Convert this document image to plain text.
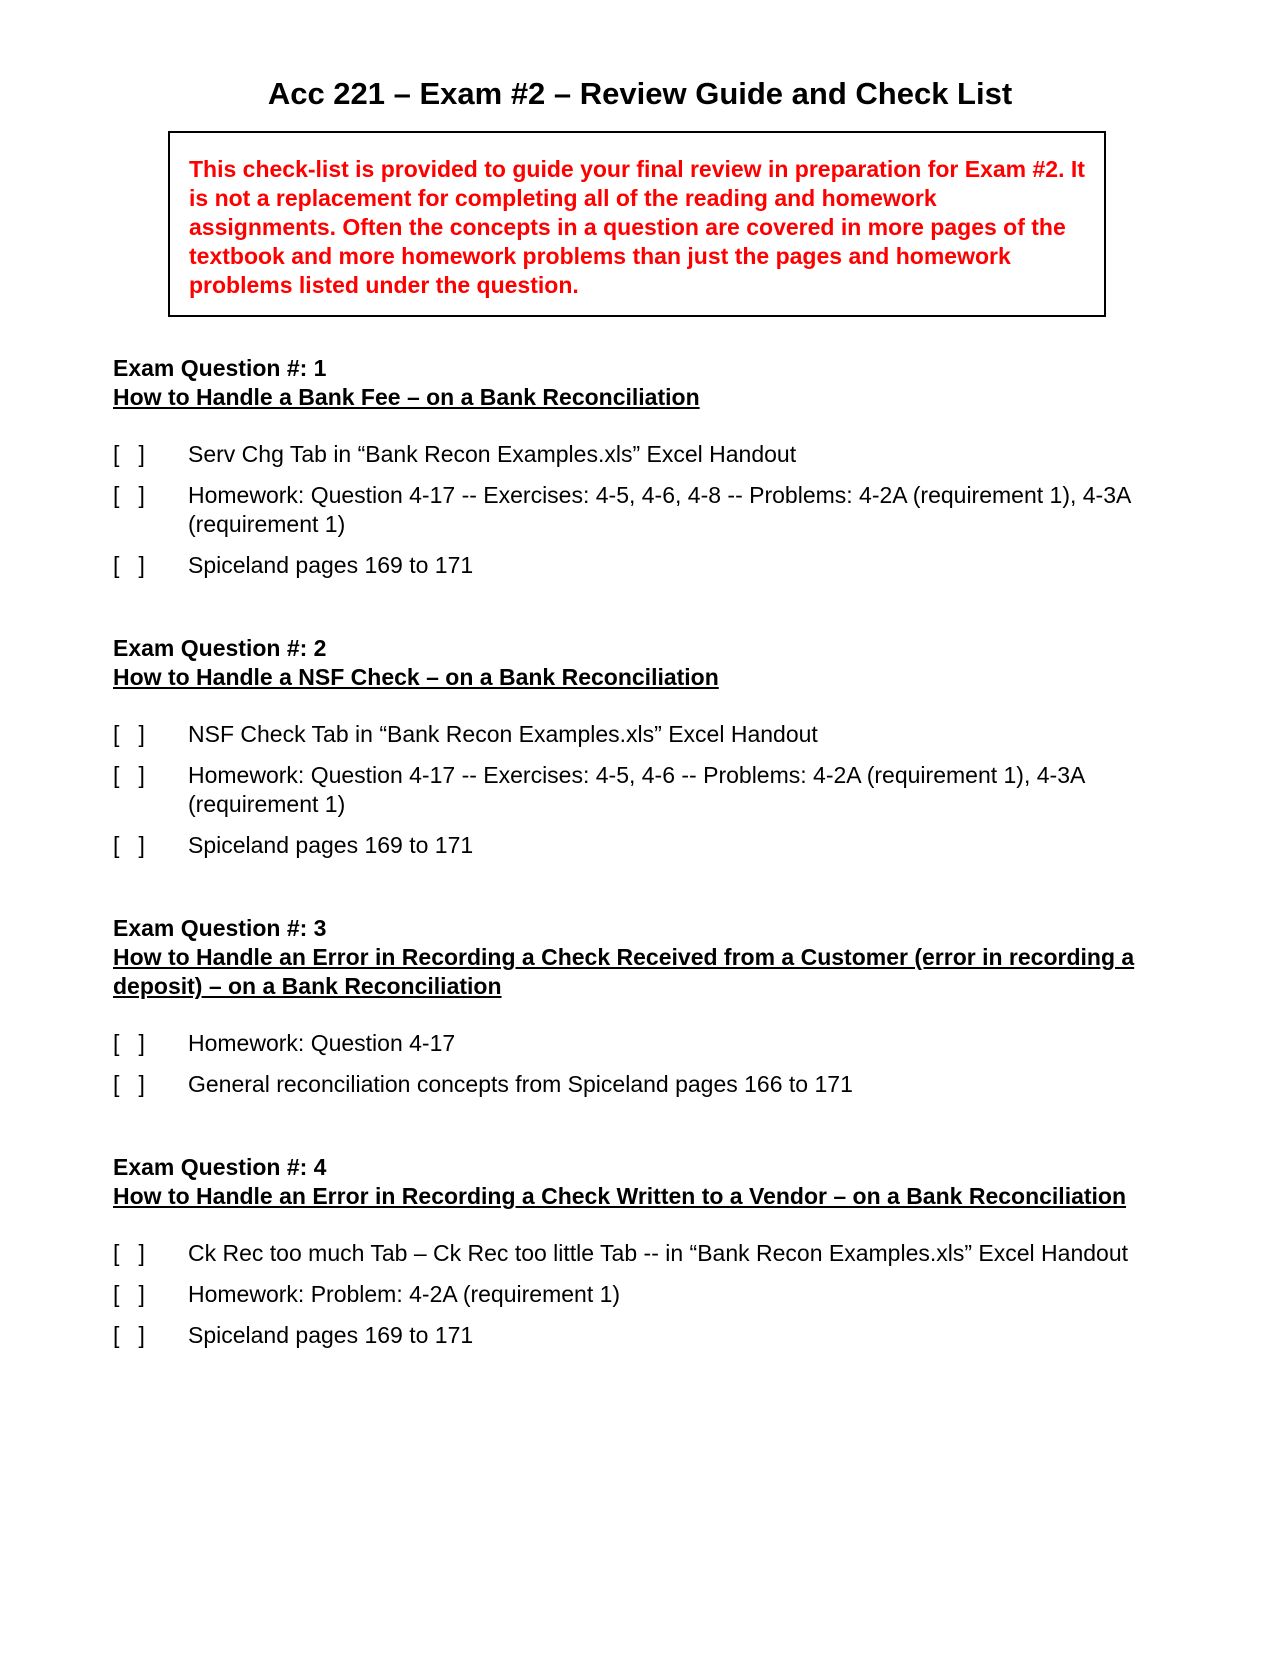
Acc 221 – Exam #2 – Review Guide and Check List

This check-list is provided to guide your final review in preparation for Exam #2. It is not a replacement for completing all of the reading and homework assignments. Often the concepts in a question are covered in more pages of the textbook and more homework problems than just the pages and homework problems listed under the question.

Exam Question #: 1

How to Handle a Bank Fee – on a Bank Reconciliation

[   ]	Serv Chg Tab in “Bank Recon Examples.xls” Excel Handout
[   ]	Homework: Question 4-17 -- Exercises: 4-5, 4-6, 4-8 -- Problems: 4-2A (requirement 1), 4-3A (requirement 1)
[   ]	Spiceland pages 169 to 171

Exam Question #: 2

How to Handle a NSF Check – on a Bank Reconciliation

[   ]	NSF Check Tab in “Bank Recon Examples.xls” Excel Handout
[   ]	Homework: Question 4-17 -- Exercises: 4-5, 4-6 -- Problems: 4-2A (requirement 1), 4-3A (requirement 1)
[   ]	Spiceland pages 169 to 171

Exam Question #: 3

How to Handle an Error in Recording a Check Received from a Customer (error in recording a deposit) – on a Bank Reconciliation

[   ]	Homework: Question 4-17
[   ]	General reconciliation concepts from Spiceland pages 166 to 171

Exam Question #: 4

How to Handle an Error in Recording a Check Written to a Vendor – on a Bank Reconciliation

[   ]	Ck Rec too much Tab – Ck Rec too little Tab -- in “Bank Recon Examples.xls” Excel Handout
[   ]	Homework: Problem: 4-2A (requirement 1)
[   ]	Spiceland pages 169 to 171
